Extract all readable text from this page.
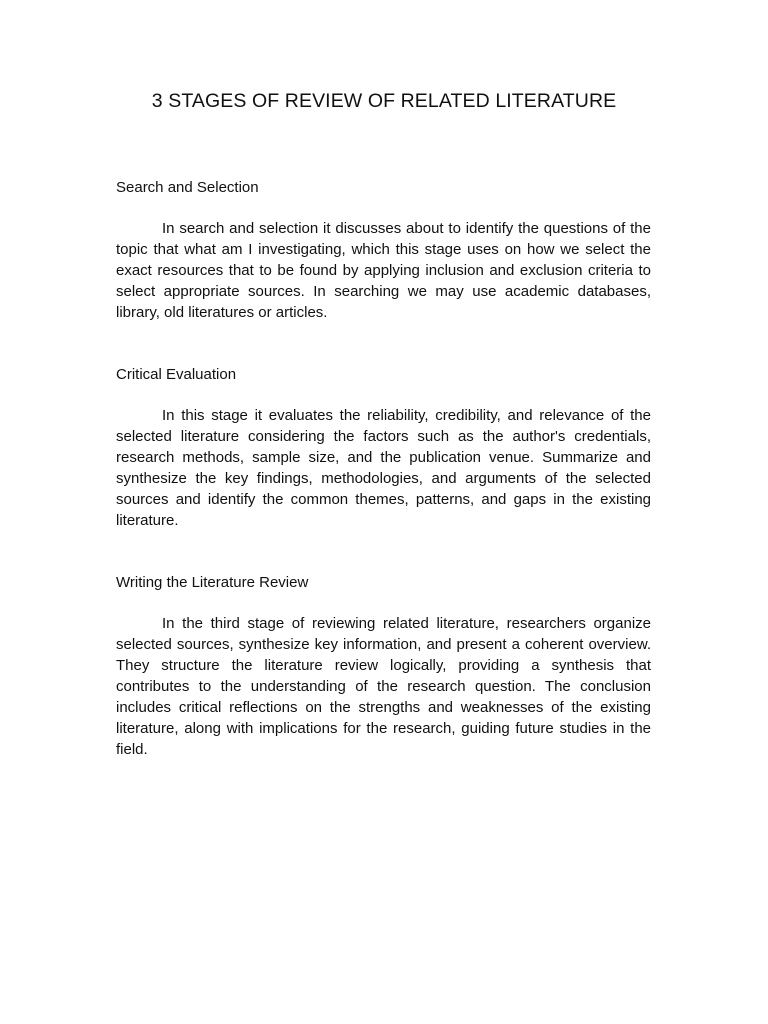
3 STAGES OF REVIEW OF RELATED LITERATURE
Search and Selection

In search and selection it discusses about to identify the questions of the topic that what am I investigating, which this stage uses on how we select the exact resources that to be found by applying inclusion and exclusion criteria to select appropriate sources. In searching we may use academic databases, library, old literatures or articles.

Critical Evaluation

In this stage it evaluates the reliability, credibility, and relevance of the selected literature considering the factors such as the author's credentials, research methods, sample size, and the publication venue. Summarize and synthesize the key findings, methodologies, and arguments of the selected sources and identify the common themes, patterns, and gaps in the existing literature.

Writing the Literature Review

In the third stage of reviewing related literature, researchers organize selected sources, synthesize key information, and present a coherent overview. They structure the literature review logically, providing a synthesis that contributes to the understanding of the research question. The conclusion includes critical reflections on the strengths and weaknesses of the existing literature, along with implications for the research, guiding future studies in the field.
